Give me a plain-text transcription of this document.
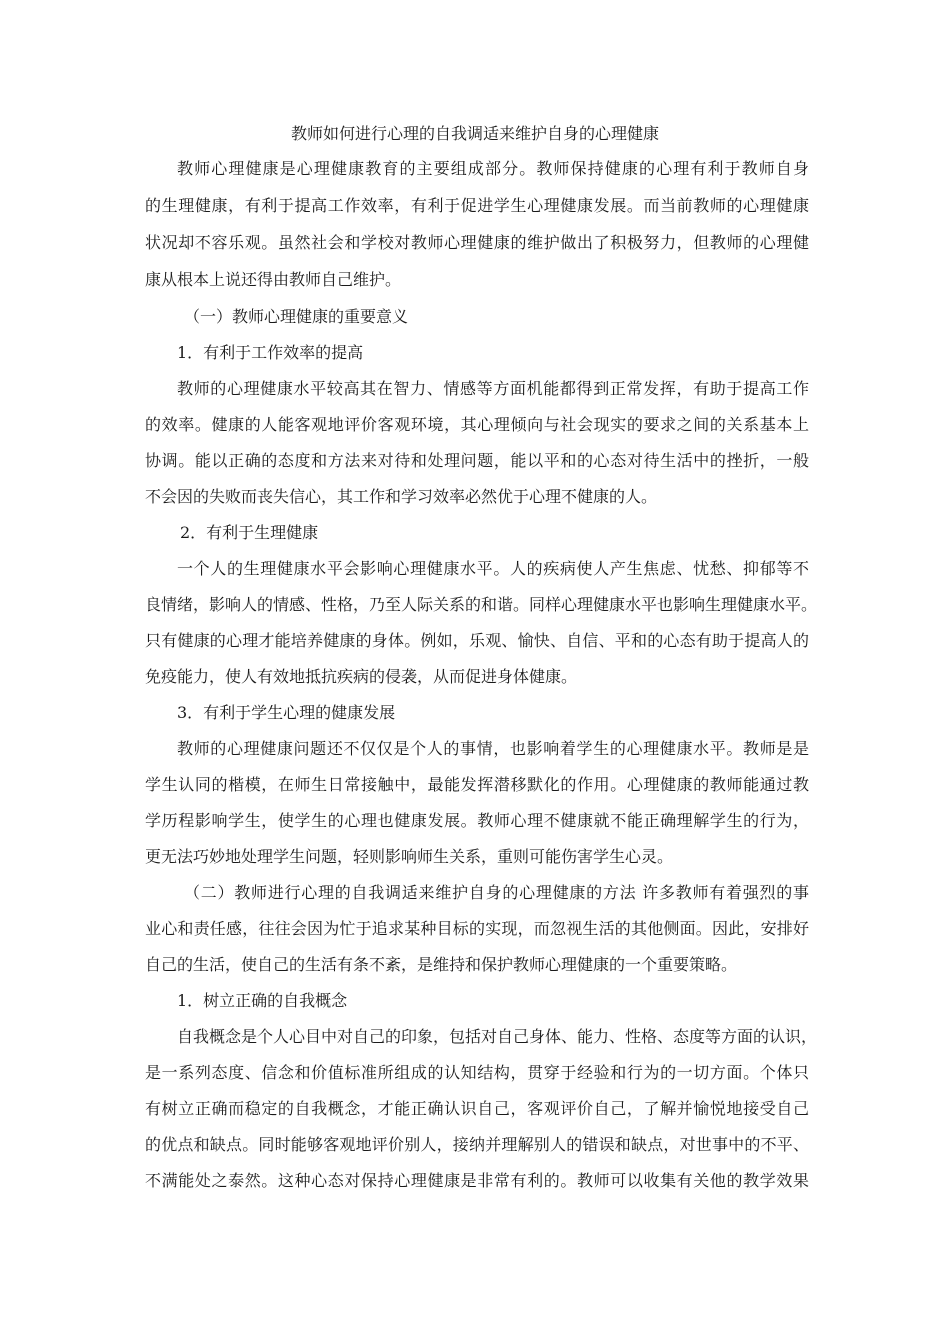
教师如何进行心理的自我调适来维护自身的心理健康
教师心理健康是心理健康教育的主要组成部分。教师保持健康的心理有利于教师自身
的生理健康，有利于提高工作效率，有利于促进学生心理健康发展。而当前教师的心理健康
状况却不容乐观。虽然社会和学校对教师心理健康的维护做出了积极努力，但教师的心理健
康从根本上说还得由教师自己维护。
（一）教师心理健康的重要意义
1．有利于工作效率的提高
教师的心理健康水平较高其在智力、情感等方面机能都得到正常发挥，有助于提高工作
的效率。健康的人能客观地评价客观环境，其心理倾向与社会现实的要求之间的关系基本上
协调。能以正确的态度和方法来对待和处理问题，能以平和的心态对待生活中的挫折，一般
不会因的失败而丧失信心，其工作和学习效率必然优于心理不健康的人。
2．有利于生理健康
一个人的生理健康水平会影响心理健康水平。人的疾病使人产生焦虑、忧愁、抑郁等不
良情绪，影响人的情感、性格，乃至人际关系的和谐。同样心理健康水平也影响生理健康水平。
只有健康的心理才能培养健康的身体。例如，乐观、愉快、自信、平和的心态有助于提高人的
免疫能力，使人有效地抵抗疾病的侵袭，从而促进身体健康。
3．有利于学生心理的健康发展
教师的心理健康问题还不仅仅是个人的事情，也影响着学生的心理健康水平。教师是是
学生认同的楷模，在师生日常接触中，最能发挥潜移默化的作用。心理健康的教师能通过教
学历程影响学生，使学生的心理也健康发展。教师心理不健康就不能正确理解学生的行为，
更无法巧妙地处理学生问题，轻则影响师生关系，重则可能伤害学生心灵。
（二）教师进行心理的自我调适来维护自身的心理健康的方法 许多教师有着强烈的事
业心和责任感，往往会因为忙于追求某种目标的实现，而忽视生活的其他侧面。因此，安排好
自己的生活，使自己的生活有条不紊，是维持和保护教师心理健康的一个重要策略。
1．树立正确的自我概念
自我概念是个人心目中对自己的印象，包括对自己身体、能力、性格、态度等方面的认识，
是一系列态度、信念和价值标准所组成的认知结构，贯穿于经验和行为的一切方面。个体只
有树立正确而稳定的自我概念，才能正确认识自己，客观评价自己，了解并愉悦地接受自己
的优点和缺点。同时能够客观地评价别人，接纳并理解别人的错误和缺点，对世事中的不平、
不满能处之泰然。这种心态对保持心理健康是非常有利的。教师可以收集有关他的教学效果
